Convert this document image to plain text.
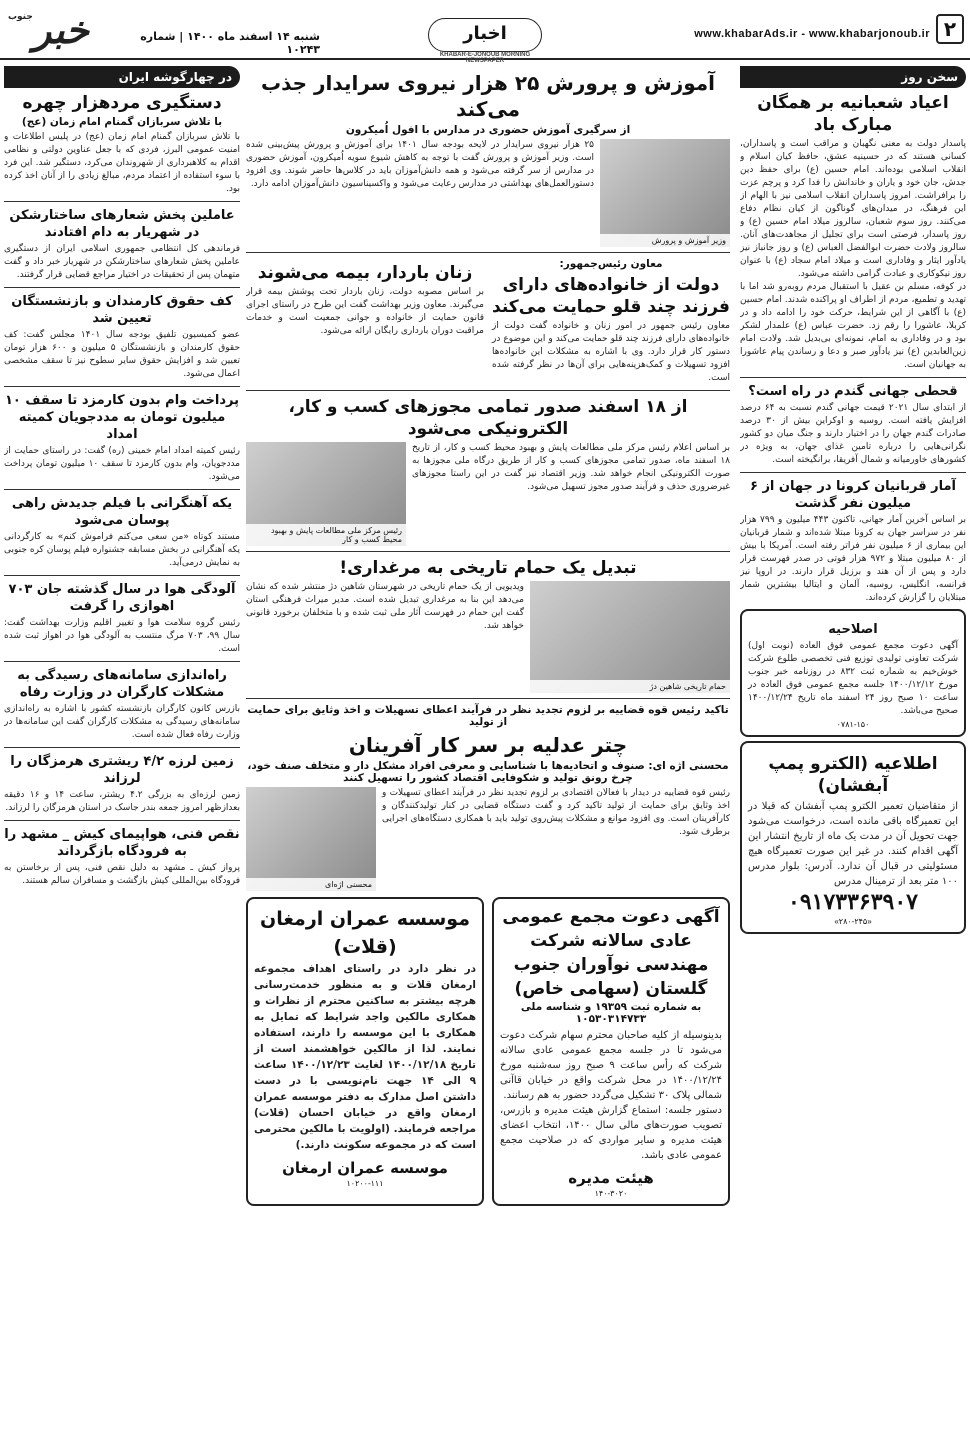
۲
www.khabarAds.ir - www.khabarjonoub.ir
اخبار
KHABAR-E-JONOUB MORNING NEWSPAPER
شنبه ۱۴ اسفند ماه ۱۴۰۰ | شماره ۱۰۲۴۳
جنوب خبر
سخن روز
اعیاد شعبانیه بر همگان مبارک باد

پاسدار دولت به معنی نگهبان و مراقب است و پاسداران، کسانی هستند که در حسینیه عشق، حافظ کیان اسلام و انقلاب اسلامی بوده‌اند. امام حسین (ع) برای حفظ دین جدش، جان خود و یاران و خاندانش را فدا کرد و پرچم عزت را برافراشت. امروز پاسداران انقلاب اسلامی نیز با الهام از این فرهنگ، در میدان‌های گوناگون از کیان نظام دفاع می‌کنند. روز سوم شعبان، سالروز میلاد امام حسین (ع) و روز پاسدار، فرصتی است برای تجلیل از مجاهدت‌های آنان. سالروز ولادت حضرت ابوالفضل العباس (ع) و روز جانباز نیز یادآور ایثار و وفاداری است و میلاد امام سجاد (ع) با عنوان روز نیکوکاری و عبادت گرامی داشته می‌شود.

در کوفه، مسلم بن عقیل با استقبال مردم روبه‌رو شد اما با تهدید و تطمیع، مردم از اطراف او پراکنده شدند. امام حسین (ع) با آگاهی از این شرایط، حرکت خود را ادامه داد و در کربلا، عاشورا را رقم زد. حضرت عباس (ع) علمدار لشکر بود و در وفاداری به امام، نمونه‌ای بی‌بدیل شد. ولادت امام زین‌العابدین (ع) نیز یادآور صبر و دعا و رساندن پیام عاشورا به جهانیان است.

قحطی جهانی گندم در راه است؟

از ابتدای سال ۲۰۲۱ قیمت جهانی گندم نسبت به ۶۴ درصد افزایش یافته است. روسیه و اوکراین بیش از ۳۰ درصد صادرات گندم جهان را در اختیار دارند و جنگ میان دو کشور نگرانی‌هایی را درباره تامین غذای جهان، به ویژه در کشورهای خاورمیانه و شمال آفریقا، برانگیخته است.

آمار قربانیان کرونا در جهان از ۶ میلیون نفر گذشت

بر اساس آخرین آمار جهانی، تاکنون ۴۴۳ میلیون و ۷۹۹ هزار نفر در سراسر جهان به کرونا مبتلا شده‌اند و شمار قربانیان این بیماری از ۶ میلیون نفر فراتر رفته است. آمریکا با بیش از ۸۰ میلیون مبتلا و ۹۷۲ هزار فوتی در صدر فهرست قرار دارد و پس از آن هند و برزیل قرار دارند. در اروپا نیز فرانسه، انگلیس، روسیه، آلمان و ایتالیا بیشترین شمار مبتلایان را گزارش کرده‌اند.

اصلاحیه

آگهی دعوت مجمع عمومی فوق العاده (نوبت اول) شرکت تعاونی تولیدی توزیع فنی تخصصی طلوع شرکت خوش‌خیم به شماره ثبت ۸۳۲ در روزنامه خبر جنوب مورخ ۱۴۰۰/۱۲/۱۲ جلسه مجمع عمومی فوق العاده در ساعت ۱۰ صبح روز ۲۴ اسفند ماه تاریخ ۱۴۰۰/۱۲/۲۴ صحیح می‌باشد.

۰۷۸۱-۱۵۰
اطلاعیه (الکترو پمپ آبفشان)

از متقاضیان تعمیر الکترو پمپ آبفشان که قبلا در این تعمیرگاه باقی مانده است، درخواست می‌شود جهت تحویل آن در مدت یک ماه از تاریخ انتشار این آگهی اقدام کنند. در غیر این صورت تعمیرگاه هیچ مسئولیتی در قبال آن ندارد. آدرس: بلوار مدرس ۱۰۰ متر بعد از ترمینال مدرس

۰۹۱۷۳۳۶۳۹۰۷
«۲۸۰-۲۴۵»
آموزش و پرورش ۲۵ هزار نیروی سرایدار جذب می‌کند
از سرگیری آموزش حضوری در مدارس با افول اُمیکرون
وزیر آموزش و پرورش

۲۵ هزار نیروی سرایدار در لایحه بودجه سال ۱۴۰۱ برای آموزش و پرورش پیش‌بینی شده است. وزیر آموزش و پرورش گفت با توجه به کاهش شیوع سویه اُمیکرون، آموزش حضوری در مدارس از سر گرفته می‌شود و همه دانش‌آموزان باید در کلاس‌ها حاضر شوند. وی افزود دستورالعمل‌های بهداشتی در مدارس رعایت می‌شود و واکسیناسیون دانش‌آموزان ادامه دارد.

معاون رئیس‌جمهور:
دولت از خانواده‌های دارای فرزند چند قلو حمایت می‌کند

معاون رئیس جمهور در امور زنان و خانواده گفت دولت از خانواده‌های دارای فرزند چند قلو حمایت می‌کند و این موضوع در دستور کار قرار دارد. وی با اشاره به مشکلات این خانواده‌ها افزود تسهیلات و کمک‌هزینه‌هایی برای آن‌ها در نظر گرفته شده است.

زنان باردار، بیمه می‌شوند

بر اساس مصوبه دولت، زنان باردار تحت پوشش بیمه قرار می‌گیرند. معاون وزیر بهداشت گفت این طرح در راستای اجرای قانون حمایت از خانواده و جوانی جمعیت است و خدمات مراقبت دوران بارداری رایگان ارائه می‌شود.

از ۱۸ اسفند صدور تمامی مجوزهای کسب و کار، الکترونیکی می‌شود

بر اساس اعلام رئیس مرکز ملی مطالعات پایش و بهبود محیط کسب و کار، از تاریخ ۱۸ اسفند ماه، صدور تمامی مجوزهای کسب و کار از طریق درگاه ملی مجوزها به صورت الکترونیکی انجام خواهد شد. وزیر اقتصاد نیز گفت در این راستا مجوزهای غیرضروری حذف و فرآیند صدور مجوز تسهیل می‌شود.

رئیس مرکز ملی مطالعات پایش و بهبود محیط کسب و کار
تبدیل یک حمام تاریخی به مرغداری!
حمام تاریخی شاهین دژ

ویدیویی از یک حمام تاریخی در شهرستان شاهین دژ منتشر شده که نشان می‌دهد این بنا به مرغداری تبدیل شده است. مدیر میراث فرهنگی استان گفت این حمام در فهرست آثار ملی ثبت شده و با متخلفان برخورد قانونی خواهد شد.

تاکید رئیس قوه قضاییه بر لزوم تجدید نظر در فرآیند اعطای تسهیلات و اخذ وثایق برای حمایت از تولید
چتر عدلیه بر سر کار آفرینان
محسنی اژه ای: صنوف و اتحادیه‌ها با شناسایی و معرفی افراد مشکل دار و متخلف صنف خود، چرخ رونق تولید و شکوفایی اقتصاد کشور را تسهیل کنند

رئیس قوه قضاییه در دیدار با فعالان اقتصادی بر لزوم تجدید نظر در فرآیند اعطای تسهیلات و اخذ وثایق برای حمایت از تولید تاکید کرد و گفت دستگاه قضایی در کنار تولیدکنندگان و کارآفرینان است. وی افزود موانع و مشکلات پیش‌روی تولید باید با همکاری دستگاه‌های اجرایی برطرف شود.

محسنی اژه‌ای
آگهی دعوت مجمع عمومی عادی سالانه شرکت مهندسی نوآوران جنوب گلستان (سهامی خاص)
به شماره ثبت ۱۹۳۵۹ و شناسه ملی ۱۰۵۳۰۳۱۴۷۳۳

بدینوسیله از کلیه صاحبان محترم سهام شرکت دعوت می‌شود تا در جلسه مجمع عمومی عادی سالانه شرکت که رأس ساعت ۹ صبح روز سه‌شنبه مورخ ۱۴۰۰/۱۲/۲۴ در محل شرکت واقع در خیابان قاآنی شمالی پلاک ۳۰ تشکیل می‌گردد حضور به هم رسانند.

دستور جلسه: استماع گزارش هیئت مدیره و بازرس، تصویب صورت‌های مالی سال ۱۴۰۰، انتخاب اعضای هیئت مدیره و سایر مواردی که در صلاحیت مجمع عمومی عادی باشد.

هیئت مدیره
۱۴۰-۳۰۲۰
موسسه عمران ارمغان (قلات)

در نظر دارد در راستای اهداف مجموعه ارمغان قلات و به منظور خدمت‌رسانی هرچه بیشتر به ساکنین محترم از نظرات و همکاری مالکین واجد شرایط که تمایل به همکاری با این موسسه را دارند، استفاده نمایند. لذا از مالکین خواهشمند است از تاریخ ۱۴۰۰/۱۲/۱۸ لغایت ۱۴۰۰/۱۲/۲۳ ساعت ۹ الی ۱۴ جهت نام‌نویسی با در دست داشتن اصل مدارک به دفتر موسسه عمران ارمغان واقع در خیابان احسان (قلات) مراجعه فرمایند. (اولویت با مالکین محترمی است که در مجموعه سکونت دارند.)

موسسه عمران ارمغان
۱۰۲۰۰-۱۱۱
در چهارگوشه ایران
دستگیری مردهزار چهره
با تلاش سربازان گمنام امام زمان (عج)

با تلاش سربازان گمنام امام زمان (عج) در پلیس اطلاعات و امنیت عمومی البرز، فردی که با جعل عناوین دولتی و نظامی اقدام به کلاهبرداری از شهروندان می‌کرد، دستگیر شد. این فرد با سوء استفاده از اعتماد مردم، مبالغ زیادی را از آنان اخذ کرده بود.

عاملین پخش شعارهای ساختارشکن در شهریار به دام افتادند

فرماندهی کل انتظامی جمهوری اسلامی ایران از دستگیری عاملین پخش شعارهای ساختارشکن در شهریار خبر داد و گفت متهمان پس از تحقیقات در اختیار مراجع قضایی قرار گرفتند.

کف حقوق کارمندان و بازنشستگان تعیین شد

عضو کمیسیون تلفیق بودجه سال ۱۴۰۱ مجلس گفت: کف حقوق کارمندان و بازنشستگان ۵ میلیون و ۶۰۰ هزار تومان تعیین شد و افزایش حقوق سایر سطوح نیز تا سقف مشخصی اعمال می‌شود.

پرداخت وام بدون کارمزد تا سقف ۱۰ میلیون تومان به مددجویان کمیته امداد

رئیس کمیته امداد امام خمینی (ره) گفت: در راستای حمایت از مددجویان، وام بدون کارمزد تا سقف ۱۰ میلیون تومان پرداخت می‌شود.

یکه آهنگرانی با فیلم جدیدش راهی پوسان می‌شود

مستند کوتاه «من سعی می‌کنم فراموش کنم» به کارگردانی یکه آهنگرانی در بخش مسابقه جشنواره فیلم پوسان کره جنوبی به نمایش درمی‌آید.

آلودگی هوا در سال گذشته جان ۷۰۳ اهوازی را گرفت

رئیس گروه سلامت هوا و تغییر اقلیم وزارت بهداشت گفت: سال ۹۹، ۷۰۳ مرگ منتسب به آلودگی هوا در اهواز ثبت شده است.

راه‌اندازی سامانه‌های رسیدگی به مشکلات کارگران در وزارت رفاه

بازرس کانون کارگران بازنشسته کشور با اشاره به راه‌اندازی سامانه‌های رسیدگی به مشکلات کارگران گفت این سامانه‌ها در وزارت رفاه فعال شده است.

زمین لرزه ۴/۲ ریشتری هرمزگان را لرزاند

زمین لرزه‌ای به بزرگی ۴.۲ ریشتر، ساعت ۱۴ و ۱۶ دقیقه بعدازظهر امروز جمعه بندر جاسک در استان هرمزگان را لرزاند.

نقص فنی، هواپیمای کیش _ مشهد را به فرودگاه بازگرداند

پرواز کیش ـ مشهد به دلیل نقص فنی، پس از برخاستن به فرودگاه بین‌المللی کیش بازگشت و مسافران سالم هستند.
